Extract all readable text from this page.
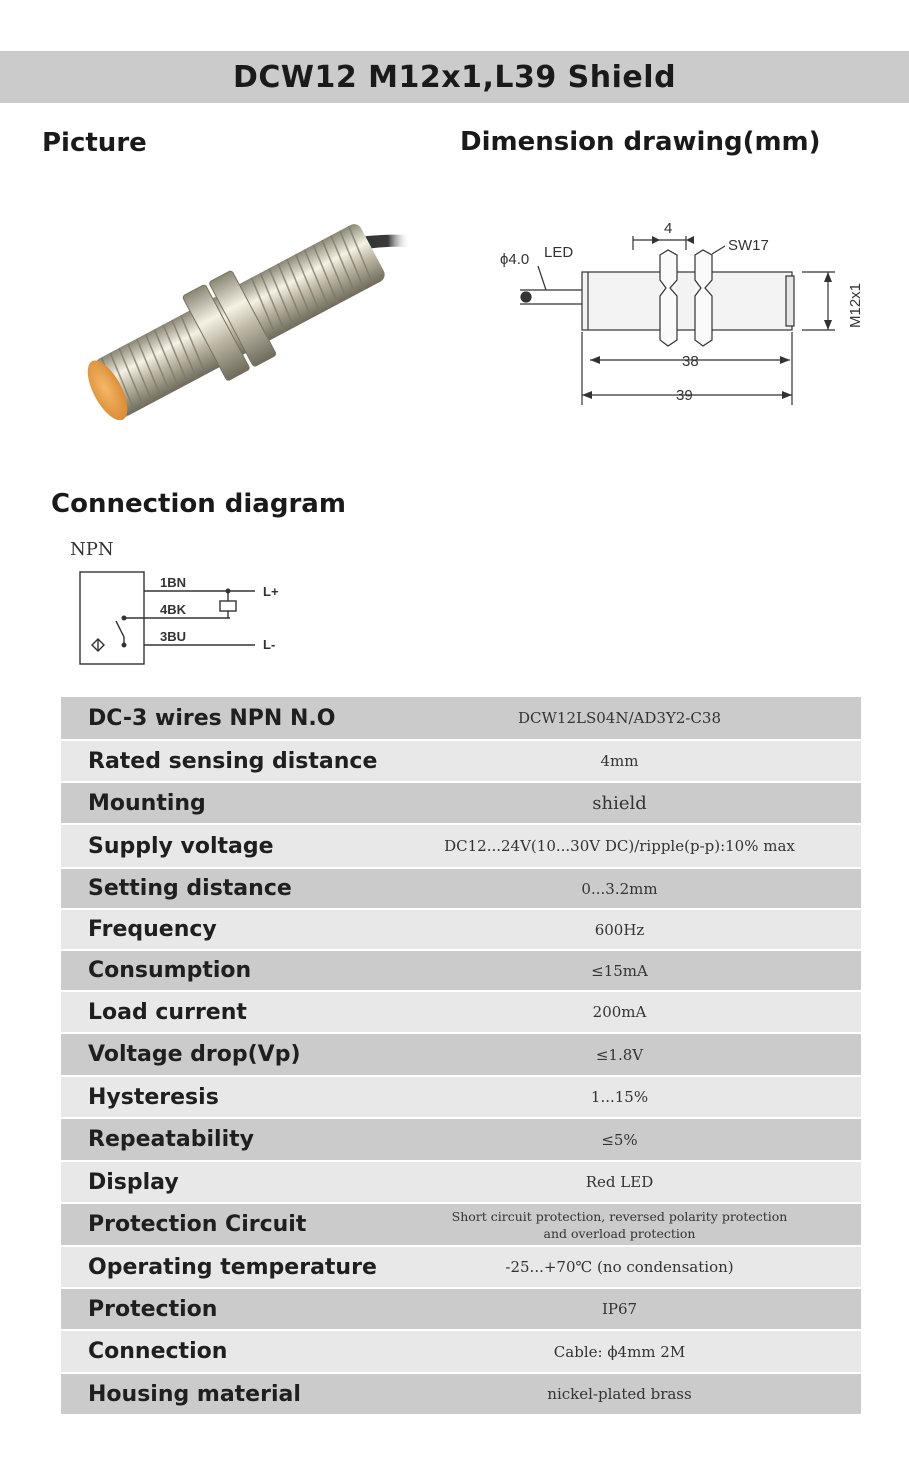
DCW12 M12x1,L39 Shield
Picture	Dimension drawing(mm)
Connection diagram
ϕ4.0 LED
4
SW17
38
39
M12x1
NPN
1BN
4BK
3BU
L+
L-
DC-3 wires NPN N.O	DCW12LS04N/AD3Y2-C38
Rated sensing distance	4mm
Mounting	shield
Supply voltage	DC12...24V(10...30V DC)/ripple(p-p):10% max
Setting distance	0...3.2mm
Frequency	600Hz
Consumption	≤15mA
Load current	200mA
Voltage drop(Vp)	≤1.8V
Hysteresis	1...15%
Repeatability	≤5%
Display	Red LED
Protection Circuit	Short circuit protection, reversed polarity protection
and overload protection

Operating temperature	-25...+70℃ (no condensation)
Protection	IP67
Connection	Cable: ϕ4mm 2M
Housing material	nickel-plated brass
